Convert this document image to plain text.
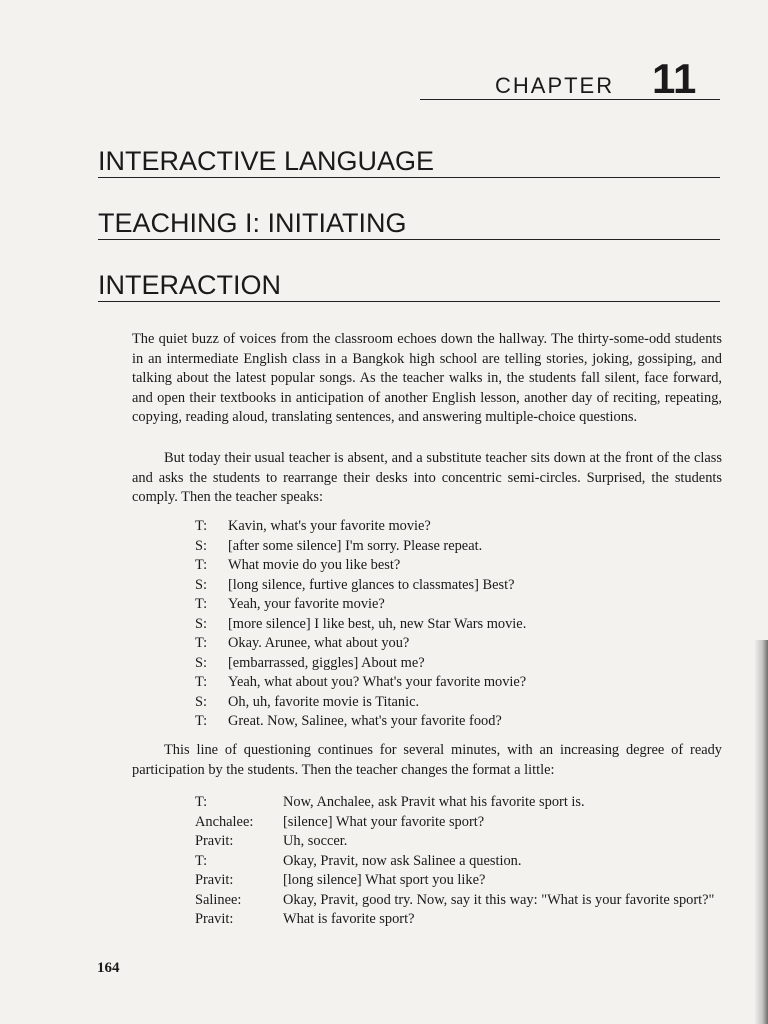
CHAPTER 11
INTERACTIVE LANGUAGE
TEACHING I: INITIATING
INTERACTION

The quiet buzz of voices from the classroom echoes down the hallway. The thirty-some-odd students in an intermediate English class in a Bangkok high school are telling stories, joking, gossiping, and talking about the latest popular songs. As the teacher walks in, the students fall silent, face forward, and open their textbooks in anticipation of another English lesson, another day of reciting, repeating, copying, reading aloud, translating sentences, and answering multiple-choice questions.

But today their usual teacher is absent, and a substitute teacher sits down at the front of the class and asks the students to rearrange their desks into concentric semi-circles. Surprised, the students comply. Then the teacher speaks:

T:	Kavin, what's your favorite movie?
S:	[after some silence] I'm sorry. Please repeat.
T:	What movie do you like best?
S:	[long silence, furtive glances to classmates] Best?
T:	Yeah, your favorite movie?
S:	[more silence] I like best, uh, new Star Wars movie.
T:	Okay. Arunee, what about you?
S:	[embarrassed, giggles] About me?
T:	Yeah, what about you? What's your favorite movie?
S:	Oh, uh, favorite movie is Titanic.
T:	Great. Now, Salinee, what's your favorite food?

This line of questioning continues for several minutes, with an increasing degree of ready participation by the students. Then the teacher changes the format a little:

T:	Now, Anchalee, ask Pravit what his favorite sport is.
Anchalee:	[silence] What your favorite sport?
Pravit:	Uh, soccer.
T:	Okay, Pravit, now ask Salinee a question.
Pravit:	[long silence] What sport you like?
Salinee:	Okay, Pravit, good try. Now, say it this way: "What is your favorite sport?"
Pravit:	What is favorite sport?
164
